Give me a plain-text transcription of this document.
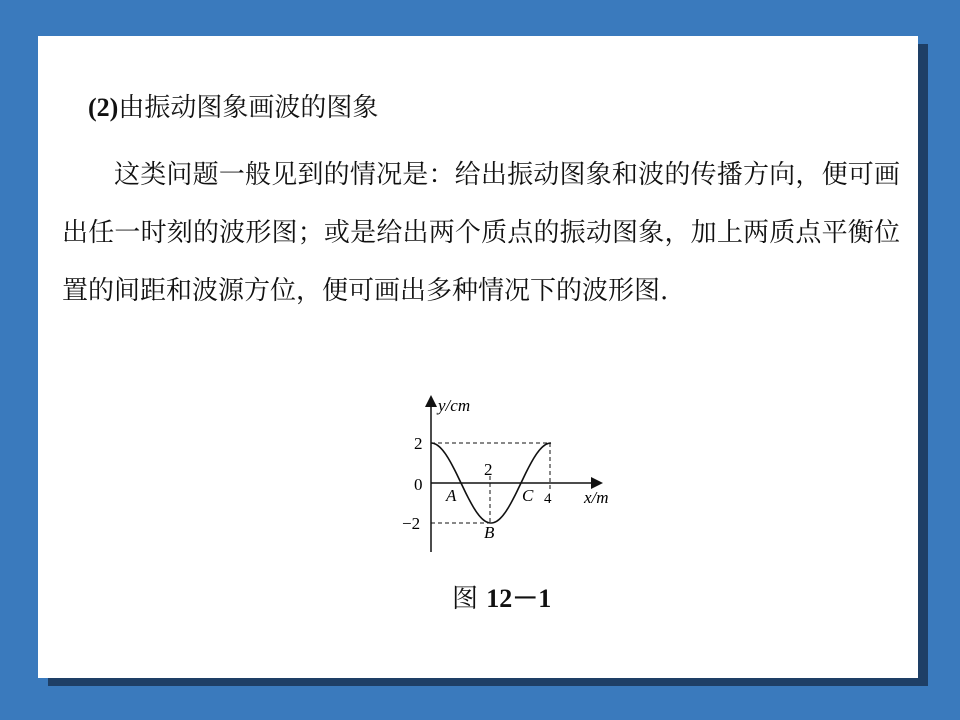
(2)由振动图象画波的图象

这类问题一般见到的情况是：给出振动图象和波的传播方向，便可画出任一时刻的波形图；或是给出两个质点的振动图象，加上两质点平衡位置的间距和波源方位，便可画出多种情况下的波形图.

y/cm
x/m
2
0
−2
2
4
A
B
C
图 12－1
